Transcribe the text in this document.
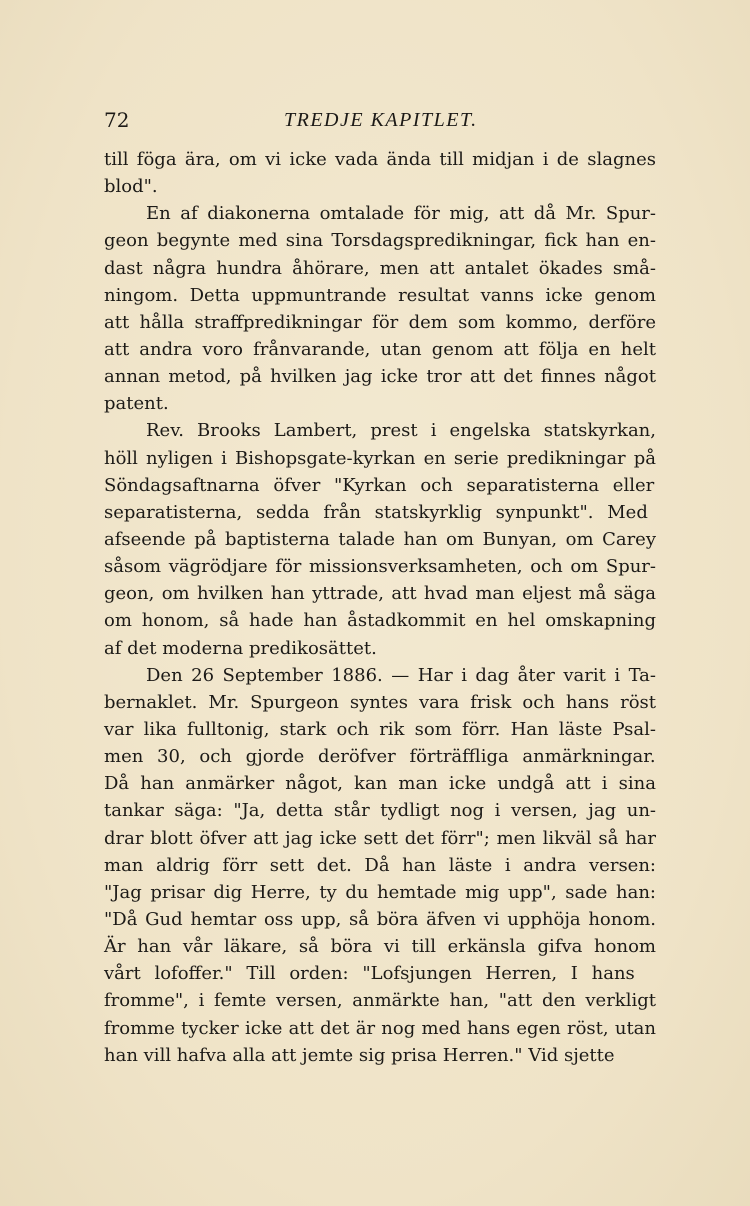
72	TREDJE KAPITLET.
till föga ära, om vi icke vada ända till midjan i de slagnes
blod".
En af diakonerna omtalade för mig, att då Mr. Spur-
geon begynte med sina Torsdagspredikningar, fick han en-
dast några hundra åhörare, men att antalet ökades små-
ningom. Detta uppmuntrande resultat vanns icke genom
att hålla straffpredikningar för dem som kommo, derföre
att andra voro frånvarande, utan genom att följa en helt
annan metod, på hvilken jag icke tror att det finnes något
patent.
Rev. Brooks Lambert, prest i engelska statskyrkan,
höll nyligen i Bishopsgate-kyrkan en serie predikningar på
Söndagsaftnarna öfver "Kyrkan och separatisterna eller
separatisterna, sedda från statskyrklig synpunkt". Med
afseende på baptisterna talade han om Bunyan, om Carey
såsom vägrödjare för missionsverksamheten, och om Spur-
geon, om hvilken han yttrade, att hvad man eljest må säga
om honom, så hade han åstadkommit en hel omskapning
af det moderna predikosättet.
Den 26 September 1886. — Har i dag åter varit i Ta-
bernaklet. Mr. Spurgeon syntes vara frisk och hans röst
var lika fulltonig, stark och rik som förr. Han läste Psal-
men 30, och gjorde deröfver förträffliga anmärkningar.
Då han anmärker något, kan man icke undgå att i sina
tankar säga: "Ja, detta står tydligt nog i versen, jag un-
drar blott öfver att jag icke sett det förr"; men likväl så har
man aldrig förr sett det. Då han läste i andra versen:
"Jag prisar dig Herre, ty du hemtade mig upp", sade han:
"Då Gud hemtar oss upp, så böra äfven vi upphöja honom.
Är han vår läkare, så böra vi till erkänsla gifva honom
vårt lofoffer." Till orden: "Lofsjungen Herren, I hans
fromme", i femte versen, anmärkte han, "att den verkligt
fromme tycker icke att det är nog med hans egen röst, utan
han vill hafva alla att jemte sig prisa Herren." Vid sjette
